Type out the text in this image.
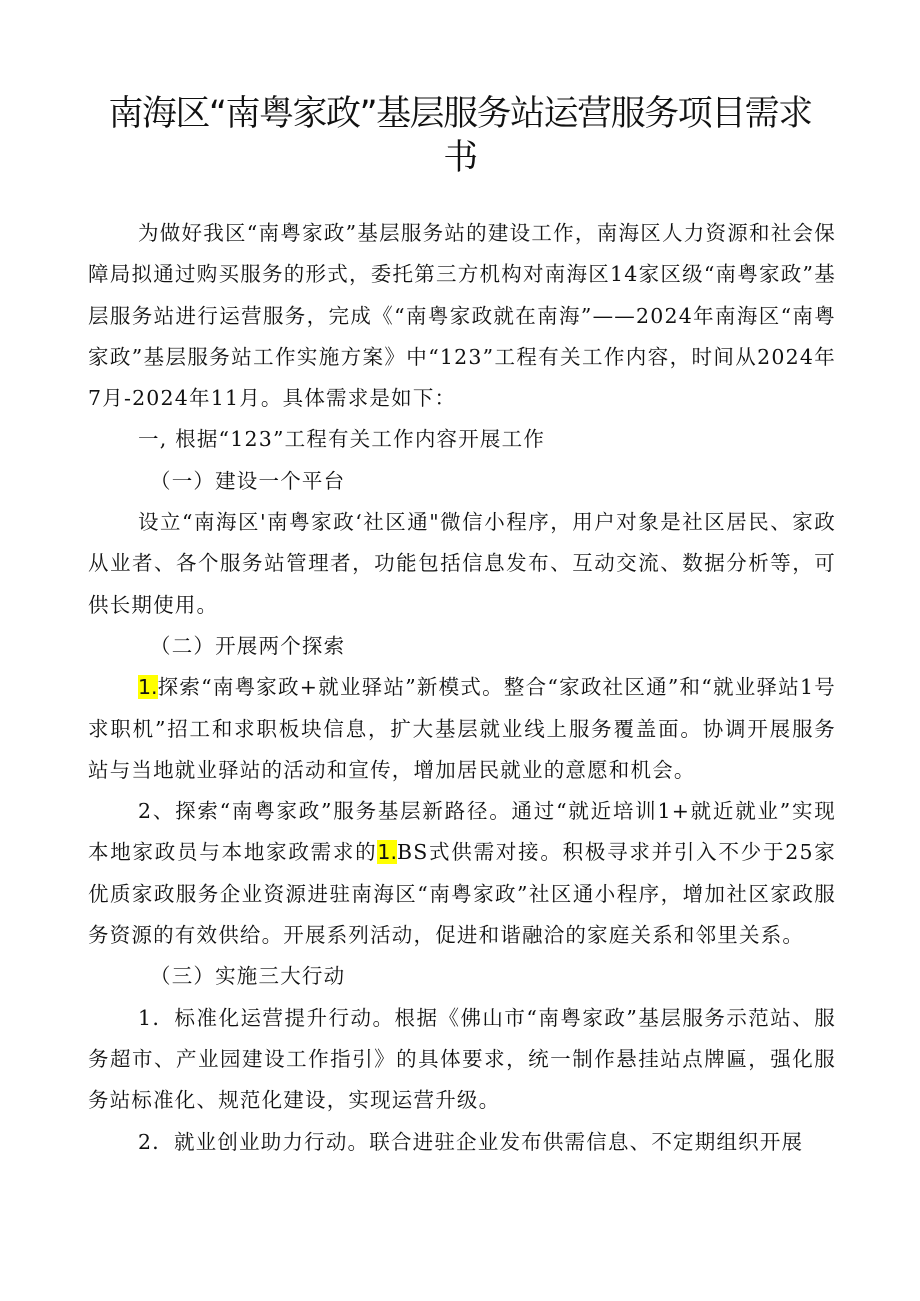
南海区“南粤家政”基层服务站运营服务项目需求书

为做好我区“南粤家政”基层服务站的建设工作，南海区人力资源和社会保障局拟通过购买服务的形式，委托第三方机构对南海区14家区级“南粤家政”基层服务站进行运营服务，完成《“南粤家政就在南海”——2024年南海区“南粤家政”基层服务站工作实施方案》中“123”工程有关工作内容，时间从2024年7月-2024年11月。具体需求是如下：

一, 根据“123”工程有关工作内容开展工作

（一）建设一个平台

设立“南海区'南粤家政‘社区通"微信小程序，用户对象是社区居民、家政从业者、各个服务站管理者，功能包括信息发布、互动交流、数据分析等，可供长期使用。

（二）开展两个探索

1.探索“南粤家政+就业驿站”新模式。整合“家政社区通”和“就业驿站1号求职机”招工和求职板块信息，扩大基层就业线上服务覆盖面。协调开展服务站与当地就业驿站的活动和宣传，增加居民就业的意愿和机会。

2、探索“南粤家政”服务基层新路径。通过“就近培训1+就近就业”实现本地家政员与本地家政需求的1.BS式供需对接。积极寻求并引入不少于25家优质家政服务企业资源进驻南海区“南粤家政”社区通小程序，增加社区家政服务资源的有效供给。开展系列活动，促进和谐融洽的家庭关系和邻里关系。

（三）实施三大行动

1．标准化运营提升行动。根据《佛山市“南粤家政”基层服务示范站、服务超市、产业园建设工作指引》的具体要求，统一制作悬挂站点牌匾，强化服务站标准化、规范化建设，实现运营升级。

2．就业创业助力行动。联合进驻企业发布供需信息、不定期组织开展
